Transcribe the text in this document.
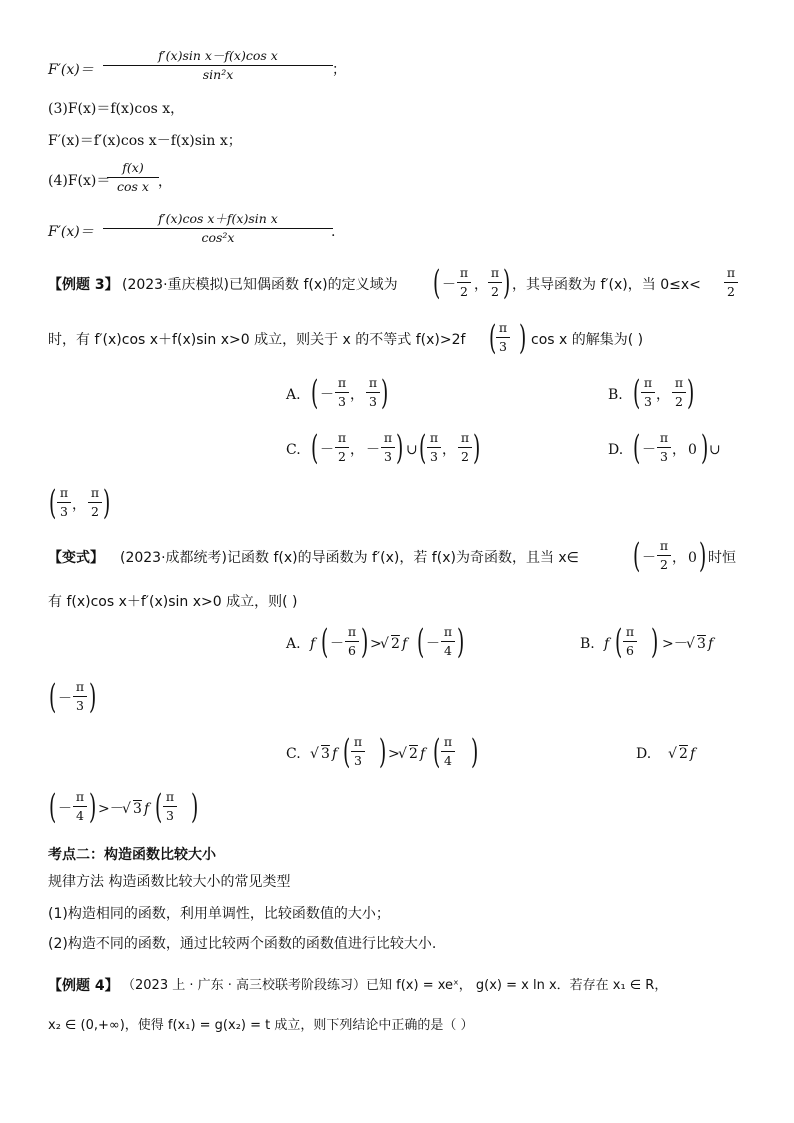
F′(x)＝
f′(x)sin x－f(x)cos x
sin²x	；
(3)F(x)＝f(x)cos x，
F′(x)＝f′(x)cos x－f(x)sin x；
(4)F(x)＝
f(x)
cos x ，
F′(x)＝
f′(x)cos x＋f(x)sin x
cos²x	.
【例题 3】 (2023·重庆模拟)已知偶函数 f(x)的定义域为 ( －
π
2 ，
π
2 ) ，其导函数为 f′(x)，当 0≤x<
π
2
时，有 f′(x)cos x＋f(x)sin x>0 成立，则关于 x 的不等式 f(x)>2f ( π
3 ) cos x 的解集为( )
A. ( －
π
3 ，
π
3 )	B. ( π
3 ，
π
2 )
C. ( －
π
2 ， －
π
3 ) ∪ ( π
3 ，
π
2 )	D. ( －
π
3 ， 0 ) ∪
( π
3 ，
π
2 )
【变式】 (2023·成都统考)记函数 f(x)的导函数为 f′(x)，若 f(x)为奇函数，且当 x∈ ( －
π
2 ， 0 ) 时恒
有 f(x)cos x＋f′(x)sin x>0 成立，则( )
A. f ( －
π
6 ) >
√ 2 f ( －
π
4 )	B. f ( π
6 ) >－
√ 3 f
( －
π
3 )
C. √ 3 f ( π
3 ) >
√ 2 f ( π
4 )	D. √ 2 f
( －
π
4 ) >－
√ 3 f ( π
3 )
考点二：构造函数比较大小
规律方法 构造函数比较大小的常见类型
(1)构造相同的函数，利用单调性，比较函数值的大小；
(2)构造不同的函数，通过比较两个函数的函数值进行比较大小.
【例题 4】 （2023 上 · 广东 · 高三校联考阶段练习）已知 f(x) = xeˣ， g(x) = x ln x．若存在 x₁ ∈ R，
x₂ ∈ (0,+∞)，使得 f(x₁) = g(x₂) = t 成立，则下列结论中正确的是（ ）
